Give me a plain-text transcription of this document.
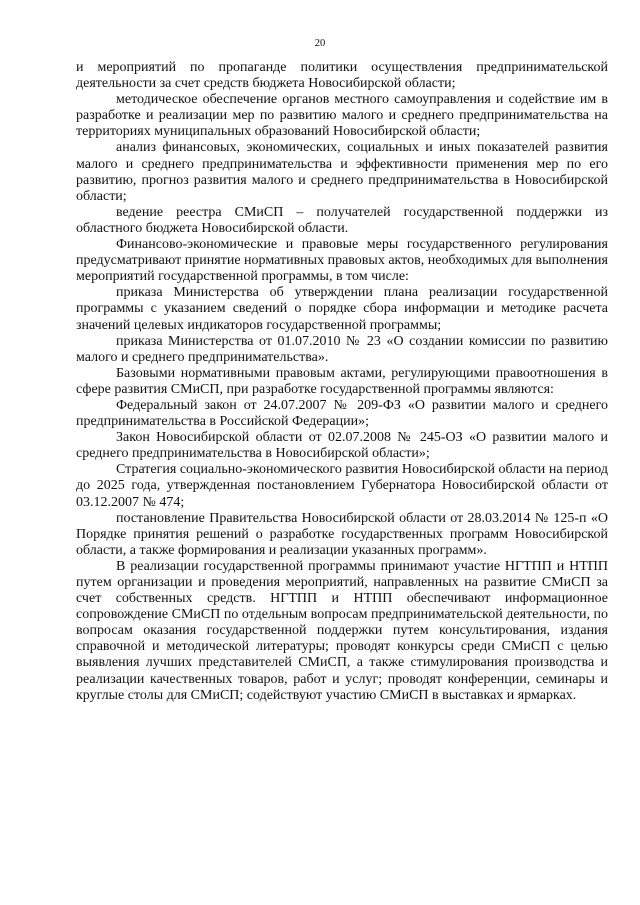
20

и мероприятий по пропаганде политики осуществления предпринимательской деятельности за счет средств бюджета Новосибирской области;

методическое обеспечение органов местного самоуправления и содействие им в разработке и реализации мер по развитию малого и среднего предпринимательства на территориях муниципальных образований Новосибирской области;

анализ финансовых, экономических, социальных и иных показателей развития малого и среднего предпринимательства и эффективности применения мер по его развитию, прогноз развития малого и среднего предпринимательства в Новосибирской области;

ведение реестра СМиСП – получателей государственной поддержки из областного бюджета Новосибирской области.

Финансово-экономические и правовые меры государственного регулирования предусматривают принятие нормативных правовых актов, необходимых для выполнения мероприятий государственной программы, в том числе:

приказа Министерства об утверждении плана реализации государственной программы с указанием сведений о порядке сбора информации и методике расчета значений целевых индикаторов государственной программы;

приказа Министерства от 01.07.2010 № 23 «О создании комиссии по развитию малого и среднего предпринимательства».

Базовыми нормативными правовым актами, регулирующими правоотношения в сфере развития СМиСП, при разработке государственной программы являются:

Федеральный закон от 24.07.2007 № 209-ФЗ «О развитии малого и среднего предпринимательства в Российской Федерации»;

Закон Новосибирской области от 02.07.2008 № 245-ОЗ «О развитии малого и среднего предпринимательства в Новосибирской области»;

Стратегия социально-экономического развития Новосибирской области на период до 2025 года, утвержденная постановлением Губернатора Новосибирской области от 03.12.2007 № 474;

постановление Правительства Новосибирской области от 28.03.2014 № 125-п «О Порядке принятия решений о разработке государственных программ Новосибирской области, а также формирования и реализации указанных программ».

В реализации государственной программы принимают участие НГТПП и НТПП путем организации и проведения мероприятий, направленных на развитие СМиСП за счет собственных средств. НГТПП и НТПП обеспечивают информационное сопровождение СМиСП по отдельным вопросам предпринимательской деятельности, по вопросам оказания государственной поддержки путем консультирования, издания справочной и методической литературы; проводят конкурсы среди СМиСП с целью выявления лучших представителей СМиСП, а также стимулирования производства и реализации качественных товаров, работ и услуг; проводят конференции, семинары и круглые столы для СМиСП; содействуют участию СМиСП в выставках и ярмарках.
